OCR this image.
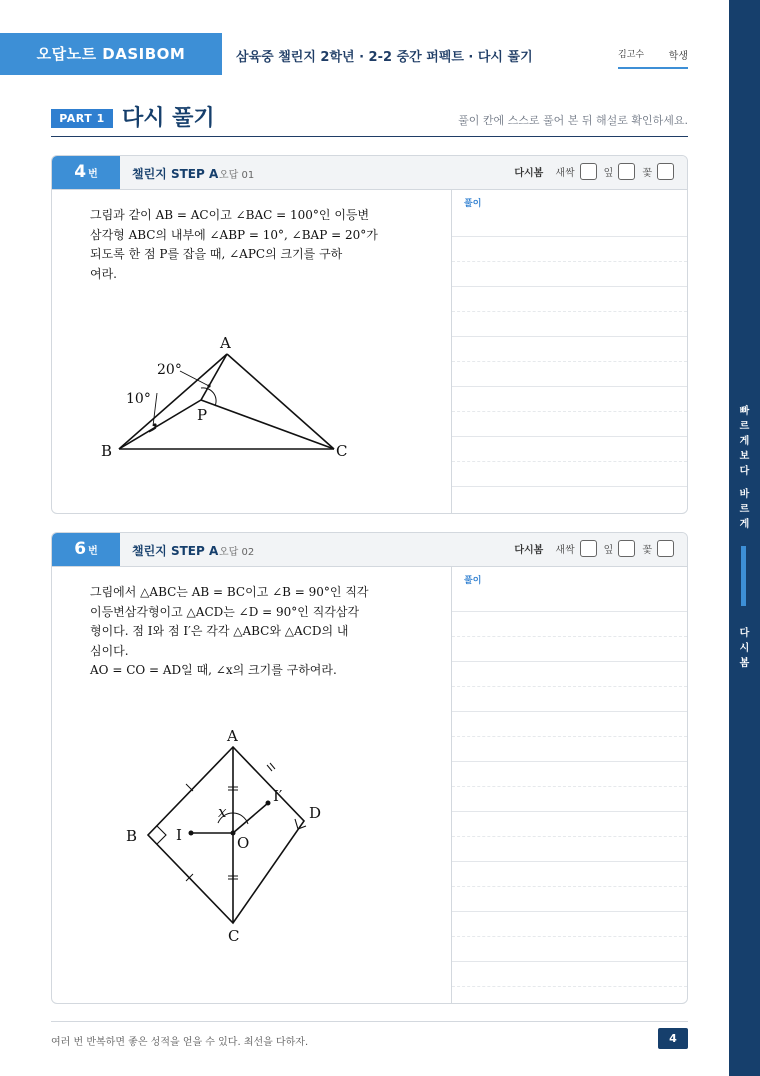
오답노트 DASIBOM	삼육중 챌린지 2학년 · 2-2 중간 퍼펙트 · 다시 풀기	김고수 학생
빠
르
게
보
다
바
르
게
다
시
봄
PART 1 다시 풀기	풀이 칸에 스스로 풀어 본 뒤 해설로 확인하세요.
4 번	챌린지 STEP A 오답 01	다시봄 새싹	잎	꽃
그림과 같이 AB = AC이고 ∠BAC = 100°인 이등변
삼각형 ABC의 내부에 ∠ABP = 10°, ∠BAP = 20°가
되도록 한 점 P를 잡을 때, ∠APC의 크기를 구하
여라.
A
B	C
P
20°
10°
풀이
6 번	챌린지 STEP A 오답 02	다시봄 새싹	잎	꽃
그림에서 △ABC는 AB = BC이고 ∠B = 90°인 직각
이등변삼각형이고 △ACD는 ∠D = 90°인 직각삼각
형이다. 점 I와 점 I′은 각각 △ABC와 △ACD의 내
심이다.
AO = CO = AD일 때, ∠x의 크기를 구하여라.
A
B
C
D
I
I′
O
x
풀이
여러 번 반복하면 좋은 성적을 얻을 수 있다. 최선을 다하자.	4
